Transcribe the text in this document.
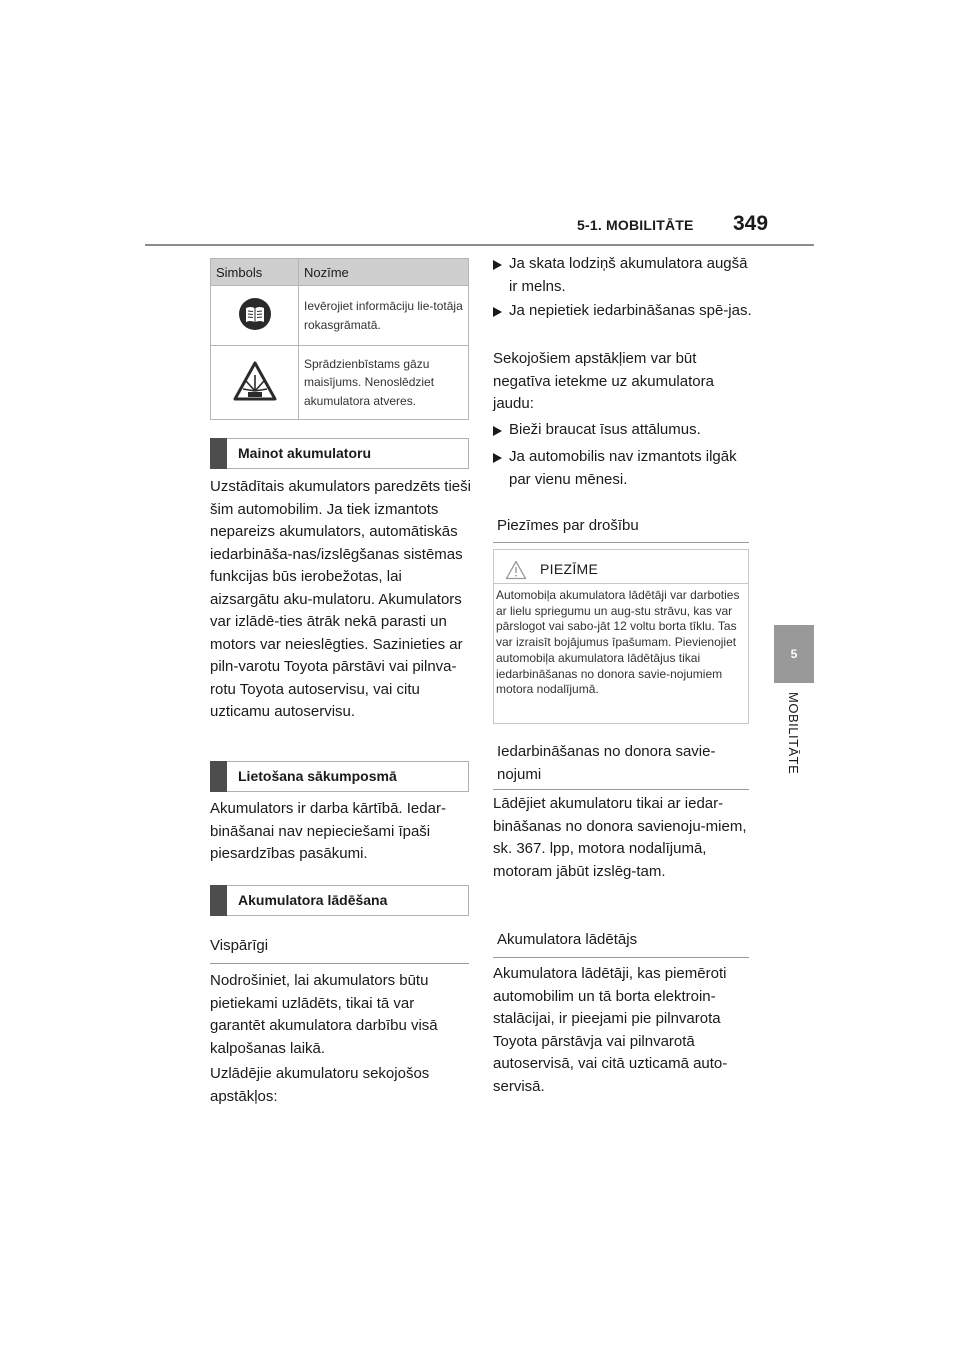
5-1. MOBILITĀTE 349
5
MOBILITĀTE
Simbols	Nozīme
	Ievērojiet informāciju lie-totāja rokasgrāmatā.
	Sprādzienbīstams gāzu maisījums. Nenoslēdziet akumulatora atveres.
Mainot akumulatoru
Uzstādītais akumulators paredzēts tieši šim automobilim. Ja tiek izmantots nepareizs akumulators, automātiskās iedarbināša-nas/izslēgšanas sistēmas funkcijas būs ierobežotas, lai aizsargātu aku-mulatoru. Akumulators var izlādē-ties ātrāk nekā parasti un motors var neieslēgties. Sazinieties ar piln-varotu Toyota pārstāvi vai pilnva-rotu Toyota autoservisu, vai citu uzticamu autoservisu.
Lietošana sākumposmā
Akumulators ir darba kārtībā. Iedar-bināšanai nav nepieciešami īpaši piesardzības pasākumi.
Akumulatora lādēšana
Vispārīgi
Nodrošiniet, lai akumulators būtu pietiekami uzlādēts, tikai tā var garantēt akumulatora darbību visā kalpošanas laikā.
Uzlādējie akumulatoru sekojošos apstākļos:
Ja skata lodziņš akumulatora augšā ir melns.
Ja nepietiek iedarbināšanas spē-jas.
Sekojošiem apstākļiem var būt negatīva ietekme uz akumulatora jaudu:
Bieži braucat īsus attālumus.
Ja automobilis nav izmantots ilgāk par vienu mēnesi.
Piezīmes par drošību
PIEZĪME
Automobiļa akumulatora lādētāji var darboties ar lielu spriegumu un aug-stu strāvu, kas var pārslogot vai sabo-jāt 12 voltu borta tīklu. Tas var izraisīt bojājumus īpašumam. Pievienojiet automobiļa akumulatora lādētājus tikai iedarbināšanas no donora savie-nojumiem motora nodalījumā.
Iedarbināšanas no donora savie-nojumi
Lādējiet akumulatoru tikai ar iedar-bināšanas no donora savienoju-miem, sk. 367. lpp, motora nodalījumā, motoram jābūt izslēg-tam.
Akumulatora lādētājs
Akumulatora lādētāji, kas piemēroti automobilim un tā borta elektroin-stalācijai, ir pieejami pie pilnvarota Toyota pārstāvja vai pilnvarotā autoservisā, vai citā uzticamā auto-servisā.
